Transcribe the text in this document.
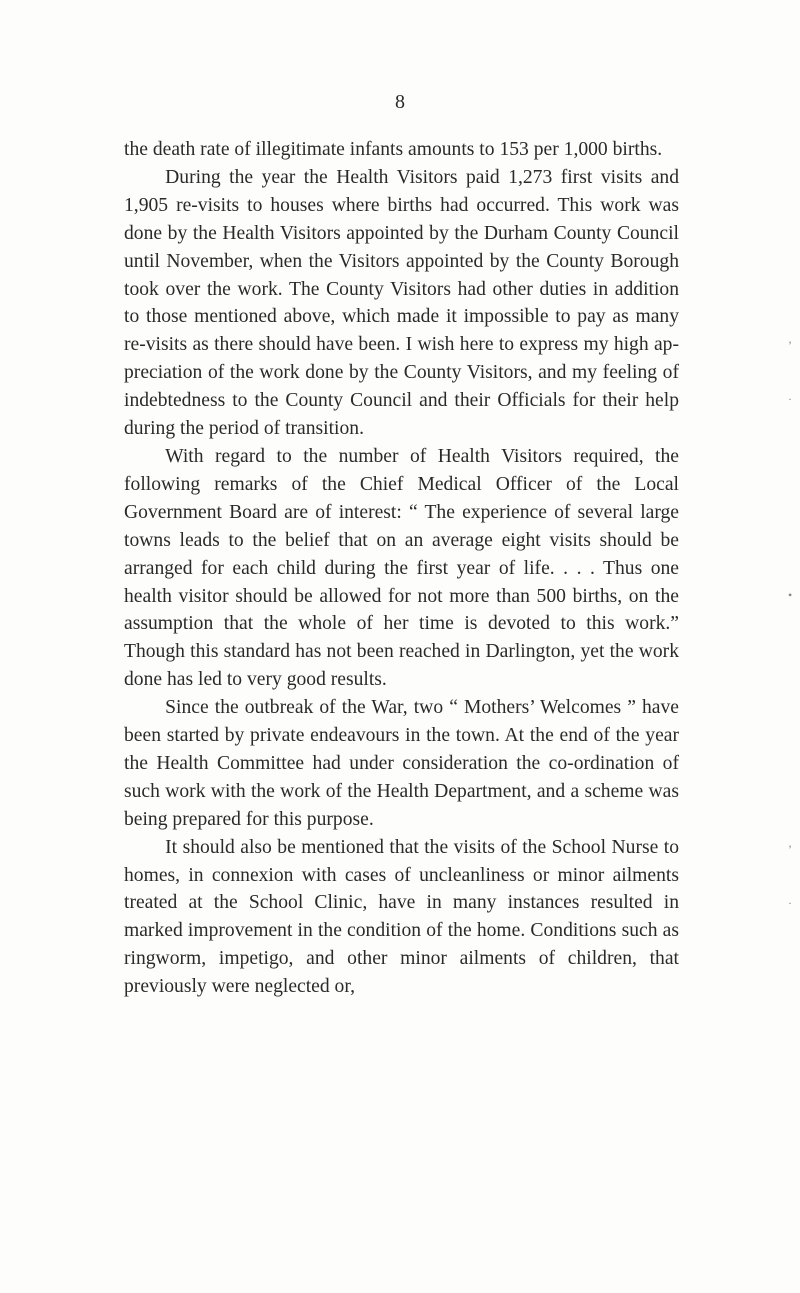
8

the death rate of illegitimate infants amounts to 153 per 1,000 births.

During the year the Health Visitors paid 1,273 first visits and 1,905 re-visits to houses where births had occurred. This work was done by the Health Visitors appointed by the Durham County Council until November, when the Visitors appointed by the County Borough took over the work. The County Visitors had other duties in addition to those mentioned above, which made it impossible to pay as many re-visits as there should have been. I wish here to express my high ap- preciation of the work done by the County Visitors, and my feeling of indebtedness to the County Council and their Officials for their help during the period of transition.

With regard to the number of Health Visitors required, the following remarks of the Chief Medical Officer of the Local Government Board are of interest: “ The experience of several large towns leads to the belief that on an average eight visits should be arranged for each child during the first year of life. . . . Thus one health visitor should be allowed for not more than 500 births, on the assumption that the whole of her time is devoted to this work.” Though this standard has not been reached in Darlington, yet the work done has led to very good results.

Since the outbreak of the War, two “ Mothers’ Welcomes ” have been started by private endeavours in the town. At the end of the year the Health Committee had under consideration the co-ordination of such work with the work of the Health Department, and a scheme was being prepared for this purpose.

It should also be mentioned that the visits of the School Nurse to homes, in connexion with cases of uncleanliness or minor ailments treated at the School Clinic, have in many instances resulted in marked improvement in the condition of the home. Conditions such as ringworm, impetigo, and other minor ailments of children, that previously were neglected or,

’
·
•
’
·
